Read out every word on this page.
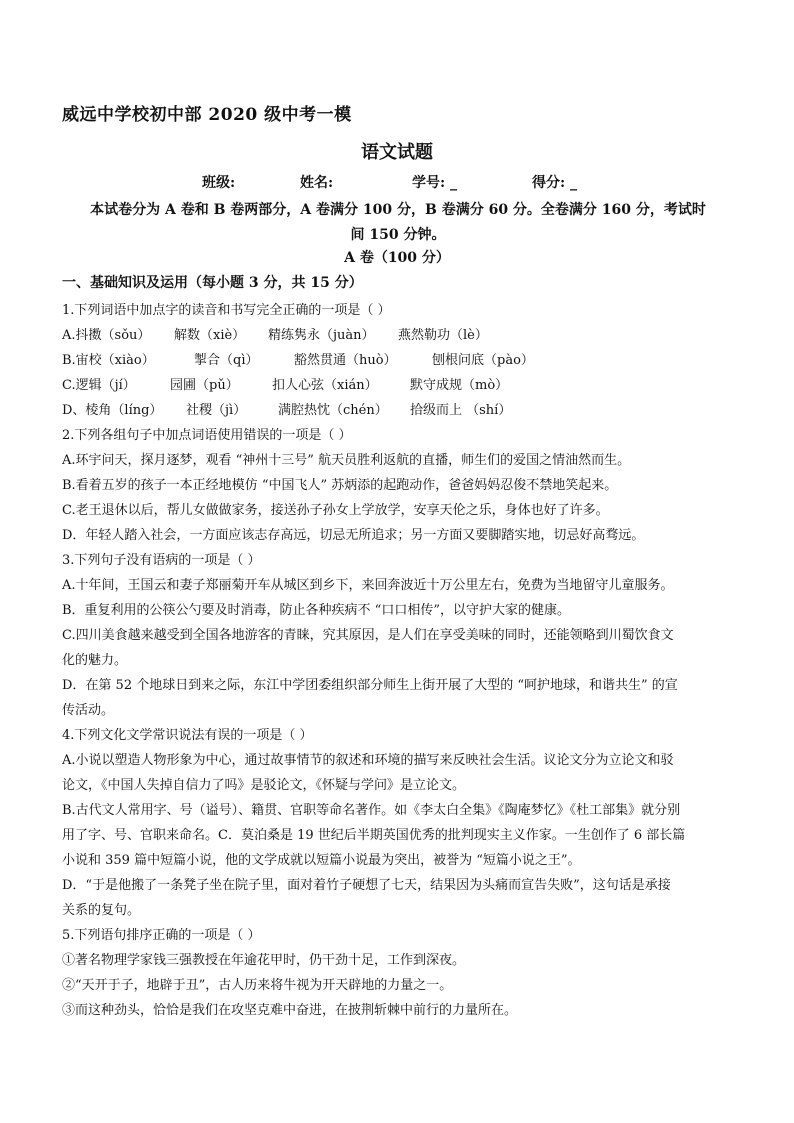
威远中学校初中部 2020 级中考一模
语文试题
班级:	姓名:	学号: _	得分: _
本试卷分为 A 卷和 B 卷两部分，A 卷满分 100 分，B 卷满分 60 分。全卷满分 160 分，考试时
间 150 分钟。
A 卷（100 分）
一、基础知识及运用（每小题 3 分，共 15 分）
1.下列词语中加点字的读音和书写完全正确的一项是（ ）
A.抖擞（sǒu） 解数（xiè） 精练隽永（juàn） 燕然勒功（lè）
B.宙校（xiào）	掣合（qì）	豁然贯通（huò）	刨根问底（pào）
C.逻辑（jí）	园圃（pǔ）	扣人心弦（xián） 默守成规（mò）
D、棱角（líng） 社稷（jì） 满腔热忱（chén） 拾级而上 （shí）
2.下列各组句子中加点词语使用错误的一项是（ ）
A.环宇问天，探月逐梦，观看 “神州十三号” 航天员胜利返航的直播，师生们的爱国之情油然而生。
B.看着五岁的孩子一本正经地模仿 “中国飞人” 苏炳添的起跑动作，爸爸妈妈忍俊不禁地笑起来。
C.老王退休以后，帮儿女做做家务，接送孙子孙女上学放学，安享天伦之乐，身体也好了许多。
D．年轻人踏入社会，一方面应该志存高远，切忌无所追求；另一方面又要脚踏实地，切忌好高骛远。
3.下列句子没有语病的一项是（ ）
A.十年间，王国云和妻子郑丽菊开车从城区到乡下，来回奔波近十万公里左右，免费为当地留守儿童服务。
B．重复利用的公筷公勺要及时消毒，防止各种疾病不 “口口相传”，以守护大家的健康。
C.四川美食越来越受到全国各地游客的青睐，究其原因，是人们在享受美味的同时，还能领略到川蜀饮食文
化的魅力。
D．在第 52 个地球日到来之际，东江中学团委组织部分师生上街开展了大型的 “呵护地球，和谐共生” 的宣
传活动。
4.下列文化文学常识说法有误的一项是（ ）
A.小说以塑造人物形象为中心，通过故事情节的叙述和环境的描写来反映社会生活。议论文分为立论文和驳
论文，《中国人失掉自信力了吗》是驳论文，《怀疑与学问》是立论文。
B.古代文人常用字、号（谥号）、籍贯、官职等命名著作。如《李太白全集》《陶庵梦忆》《杜工部集》就分别
用了字、号、官职来命名。C．莫泊桑是 19 世纪后半期英国优秀的批判现实主义作家。一生创作了 6 部长篇
小说和 359 篇中短篇小说，他的文学成就以短篇小说最为突出，被誉为 “短篇小说之王”。
D．“于是他搬了一条凳子坐在院子里，面对着竹子硬想了七天，结果因为头痛而宣告失败”，这句话是承接
关系的复句。
5.下列语句排序正确的一项是（ ）
①著名物理学家钱三强教授在年逾花甲时，仍干劲十足，工作到深夜。
②“天开于子，地辟于丑”，古人历来将牛视为开天辟地的力量之一。
③而这种劲头，恰恰是我们在攻坚克难中奋进，在披荆斩棘中前行的力量所在。
